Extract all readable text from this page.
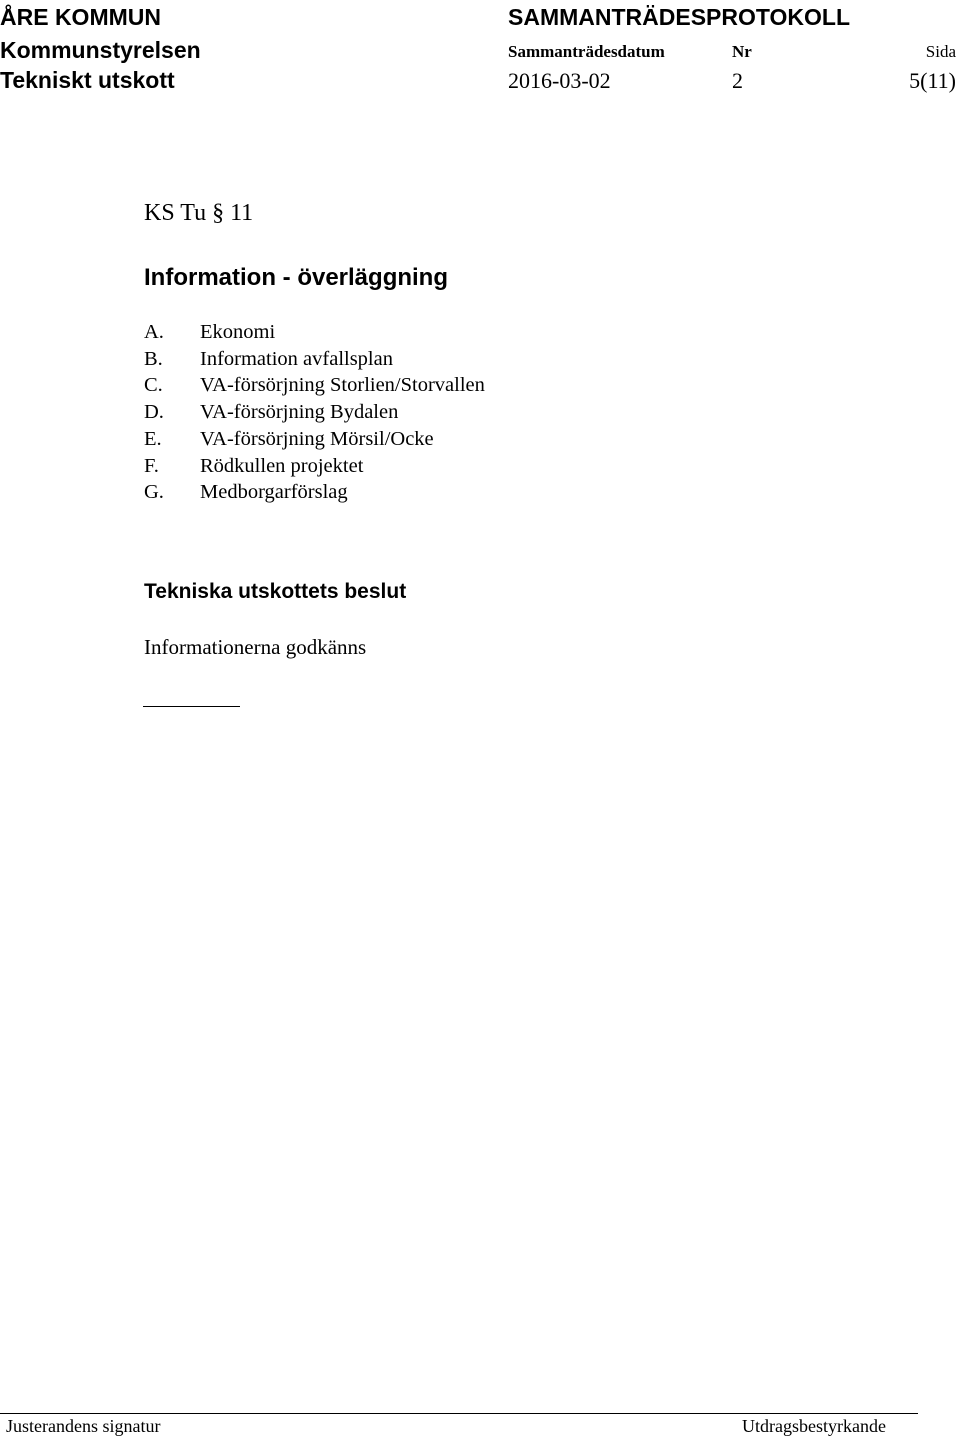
ÅRE KOMMUN
Kommunstyrelsen
Tekniskt utskott
SAMMANTRÄDESPROTOKOLL
Sammanträdesdatum	Nr	Sida
2016-03-02	2	5(11)
KS Tu § 11
Information - överläggning
A. Ekonomi
B. Information avfallsplan
C. VA-försörjning Storlien/Storvallen
D. VA-försörjning Bydalen
E. VA-försörjning Mörsil/Ocke
F. Rödkullen projektet
G. Medborgarförslag
Tekniska utskottets beslut
Informationerna godkänns
Justerandens signatur	Utdragsbestyrkande
